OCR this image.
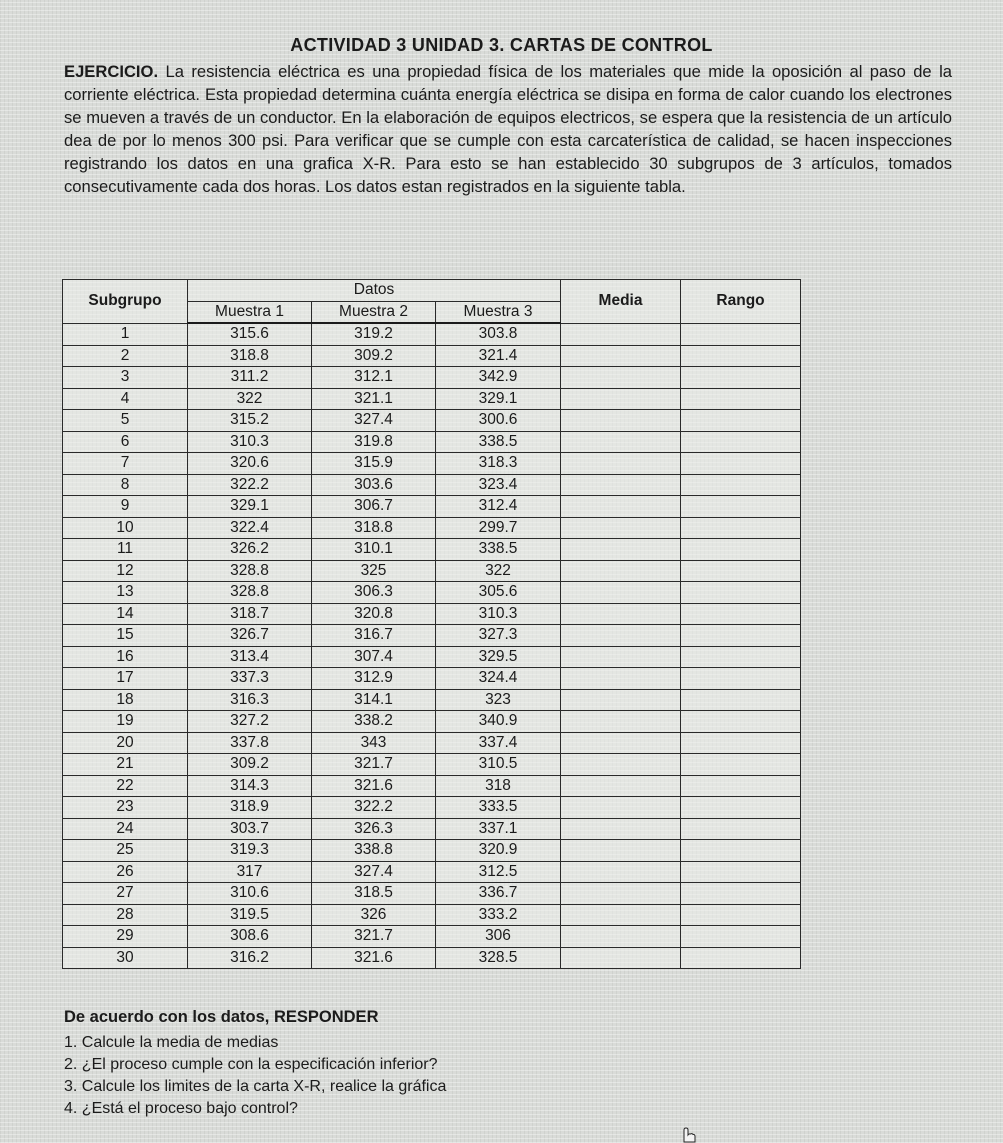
ACTIVIDAD 3 UNIDAD 3. CARTAS DE CONTROL
EJERCICIO. La resistencia eléctrica es una propiedad física de los materiales que mide la oposición al paso de la corriente eléctrica. Esta propiedad determina cuánta energía eléctrica se disipa en forma de calor cuando los electrones se mueven a través de un conductor. En la elaboración de equipos electricos, se espera que la resistencia de un artículo dea de por lo menos 300 psi. Para verificar que se cumple con esta carcaterística de calidad, se hacen inspecciones registrando los datos en una grafica X-R. Para esto se han establecido 30 subgrupos de 3 artículos, tomados consecutivamente cada dos horas. Los datos estan registrados en la siguiente tabla.
Subgrupo	Datos			Media	Rango
	Muestra 1	Muestra 2	Muestra 3		
1	315.6	319.2	303.8		
2	318.8	309.2	321.4		
3	311.2	312.1	342.9		
4	322	321.1	329.1		
5	315.2	327.4	300.6		
6	310.3	319.8	338.5		
7	320.6	315.9	318.3		
8	322.2	303.6	323.4		
9	329.1	306.7	312.4		
10	322.4	318.8	299.7		
11	326.2	310.1	338.5		
12	328.8	325	322		
13	328.8	306.3	305.6		
14	318.7	320.8	310.3		
15	326.7	316.7	327.3		
16	313.4	307.4	329.5		
17	337.3	312.9	324.4		
18	316.3	314.1	323		
19	327.2	338.2	340.9		
20	337.8	343	337.4		
21	309.2	321.7	310.5		
22	314.3	321.6	318		
23	318.9	322.2	333.5		
24	303.7	326.3	337.1		
25	319.3	338.8	320.9		
26	317	327.4	312.5		
27	310.6	318.5	336.7		
28	319.5	326	333.2		
29	308.6	321.7	306		
30	316.2	321.6	328.5		
De acuerdo con los datos, RESPONDER
1. Calcule la media de medias
2. ¿El proceso cumple con la especificación inferior?
3. Calcule los limites de la carta X-R, realice la gráfica
4. ¿Está el proceso bajo control?
